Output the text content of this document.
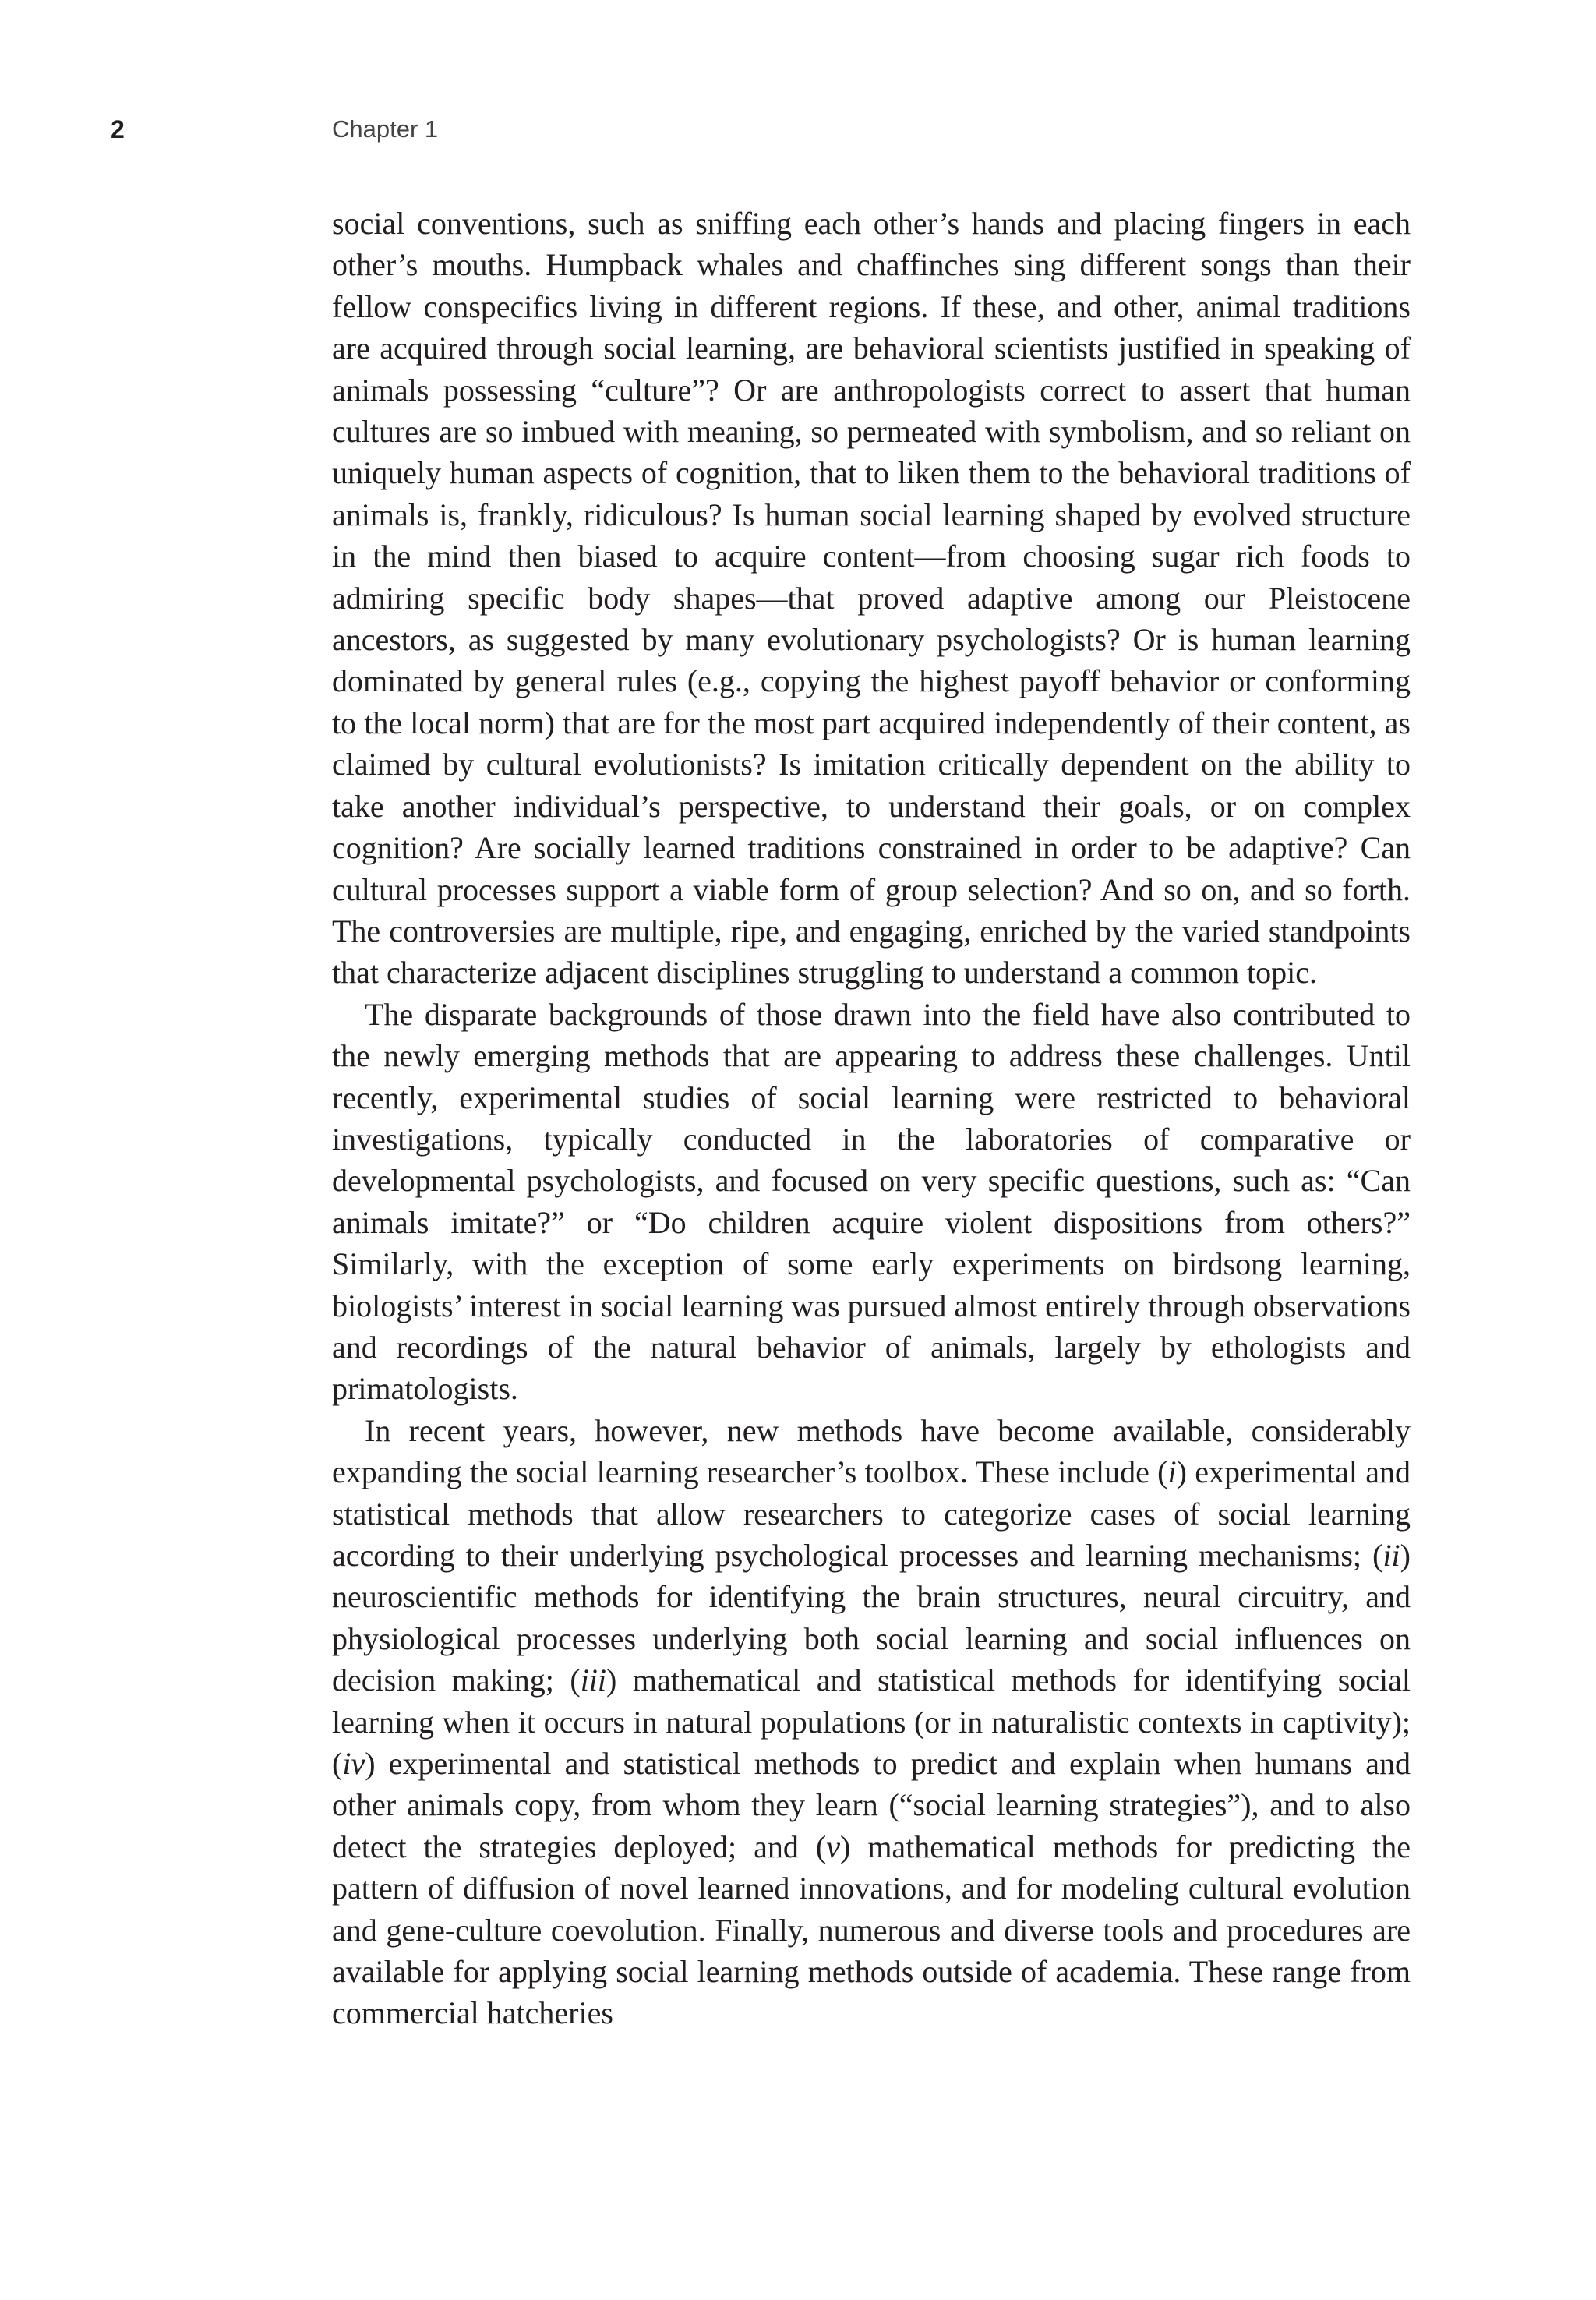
2	Chapter 1

social conventions, such as sniffing each other’s hands and placing fingers in each other’s mouths. Humpback whales and chaffinches sing different songs than their fellow conspecifics living in different regions. If these, and other, animal traditions are acquired through social learning, are behavioral scientists justified in speaking of animals possessing “culture”? Or are anthropologists correct to assert that human cultures are so imbued with meaning, so permeated with symbolism, and so reliant on uniquely human aspects of cognition, that to liken them to the behavioral traditions of animals is, frankly, ridiculous? Is human social learning shaped by evolved structure in the mind then biased to acquire content—from choosing sugar rich foods to admiring specific body shapes—that proved adaptive among our Pleistocene ancestors, as suggested by many evolutionary psychologists? Or is human learning dominated by general rules (e.g., copying the highest payoff behavior or conforming to the local norm) that are for the most part acquired independently of their content, as claimed by cultural evolutionists? Is imitation critically dependent on the ability to take another individual’s perspective, to understand their goals, or on complex cognition? Are socially learned traditions constrained in order to be adaptive? Can cultural processes support a viable form of group selection? And so on, and so forth. The controversies are multiple, ripe, and engaging, enriched by the varied standpoints that characterize adjacent disciplines struggling to understand a common topic.

The disparate backgrounds of those drawn into the field have also contributed to the newly emerging methods that are appearing to address these challenges. Until recently, experimental studies of social learning were restricted to behavioral investigations, typically conducted in the laboratories of comparative or developmental psychologists, and focused on very specific questions, such as: “Can animals imitate?” or “Do children acquire violent dispositions from others?” Similarly, with the exception of some early experiments on birdsong learning, biologists’ interest in social learning was pursued almost entirely through observations and recordings of the natural behavior of animals, largely by ethologists and primatologists.

In recent years, however, new methods have become available, considerably expanding the social learning researcher’s toolbox. These include (i) experimental and statistical methods that allow researchers to categorize cases of social learning according to their underlying psychological processes and learning mechanisms; (ii) neuroscientific methods for identifying the brain structures, neural circuitry, and physiological processes underlying both social learning and social influences on decision making; (iii) mathematical and statistical methods for identifying social learning when it occurs in natural populations (or in naturalistic contexts in captivity); (iv) experimental and statistical methods to predict and explain when humans and other animals copy, from whom they learn (“social learning strategies”), and to also detect the strategies deployed; and (v) mathematical methods for predicting the pattern of diffusion of novel learned innovations, and for modeling cultural evolution and gene-culture coevolution. Finally, numerous and diverse tools and procedures are available for applying social learning methods outside of academia. These range from commercial hatcheries
